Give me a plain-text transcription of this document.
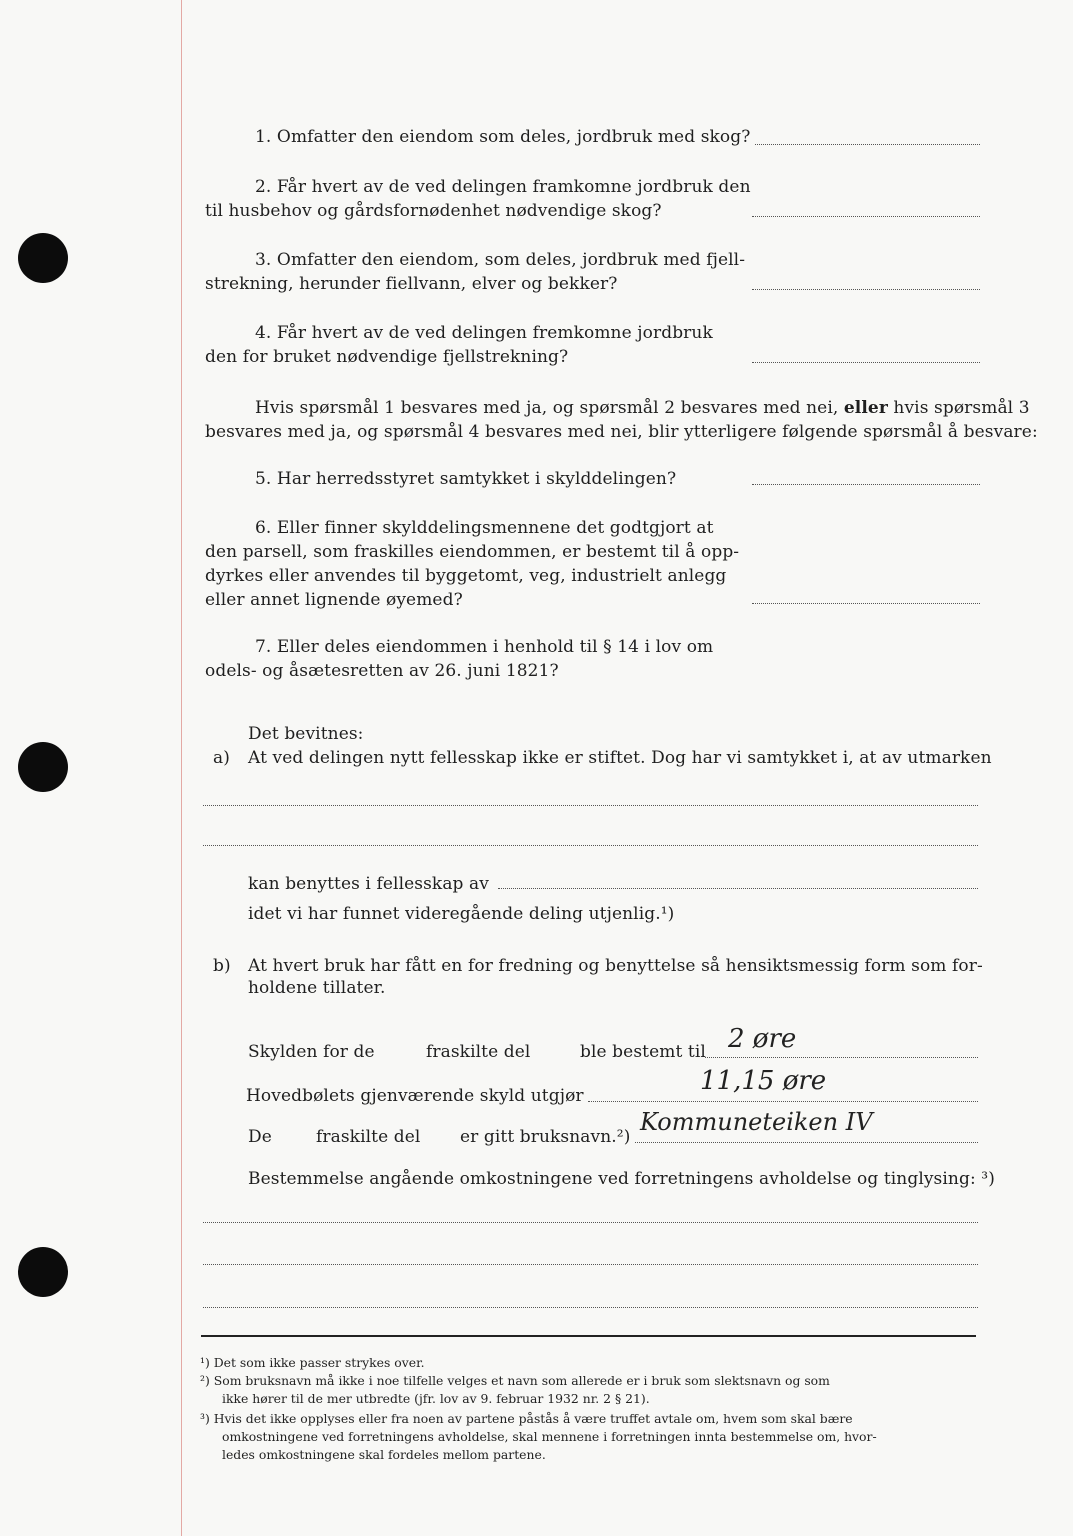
1. Omfatter den eiendom som deles, jordbruk med skog?
2. Får hvert av de ved delingen framkomne jordbruk den
til husbehov og gårdsfornødenhet nødvendige skog?
3. Omfatter den eiendom, som deles, jordbruk med fjell-
strekning, herunder fiellvann, elver og bekker?
4. Får hvert av de ved delingen fremkomne jordbruk
den for bruket nødvendige fjellstrekning?
Hvis spørsmål 1 besvares med ja, og spørsmål 2 besvares med nei, eller hvis spørsmål 3
besvares med ja, og spørsmål 4 besvares med nei, blir ytterligere følgende spørsmål å besvare:
5. Har herredsstyret samtykket i skylddelingen?
6. Eller finner skylddelingsmennene det godtgjort at
den parsell, som fraskilles eiendommen, er bestemt til å opp-
dyrkes eller anvendes til byggetomt, veg, industrielt anlegg
eller annet lignende øyemed?
7. Eller deles eiendommen i henhold til § 14 i lov om
odels- og åsætesretten av 26. juni 1821?
Det bevitnes:
a) At ved delingen nytt fellesskap ikke er stiftet. Dog har vi samtykket i, at av utmarken
kan benyttes i fellesskap av
idet vi har funnet videregående deling utjenlig.¹)
b) At hvert bruk har fått en for fredning og benyttelse så hensiktsmessig form som for-
holdene tillater.
Skylden for de	fraskilte del	ble bestemt til 2 øre
Hovedbølets gjenværende skyld utgjør	11,15 øre
De	fraskilte del er gitt bruksnavn.²)
Kommuneteiken IV
Bestemmelse angående omkostningene ved forretningens avholdelse og tinglysing: ³)
¹) Det som ikke passer strykes over.
²) Som bruksnavn må ikke i noe tilfelle velges et navn som allerede er i bruk som slektsnavn og som
ikke hører til de mer utbredte (jfr. lov av 9. februar 1932 nr. 2 § 21).
³) Hvis det ikke opplyses eller fra noen av partene påstås å være truffet avtale om, hvem som skal bære
omkostningene ved forretningens avholdelse, skal mennene i forretningen innta bestemmelse om, hvor-
ledes omkostningene skal fordeles mellom partene.
